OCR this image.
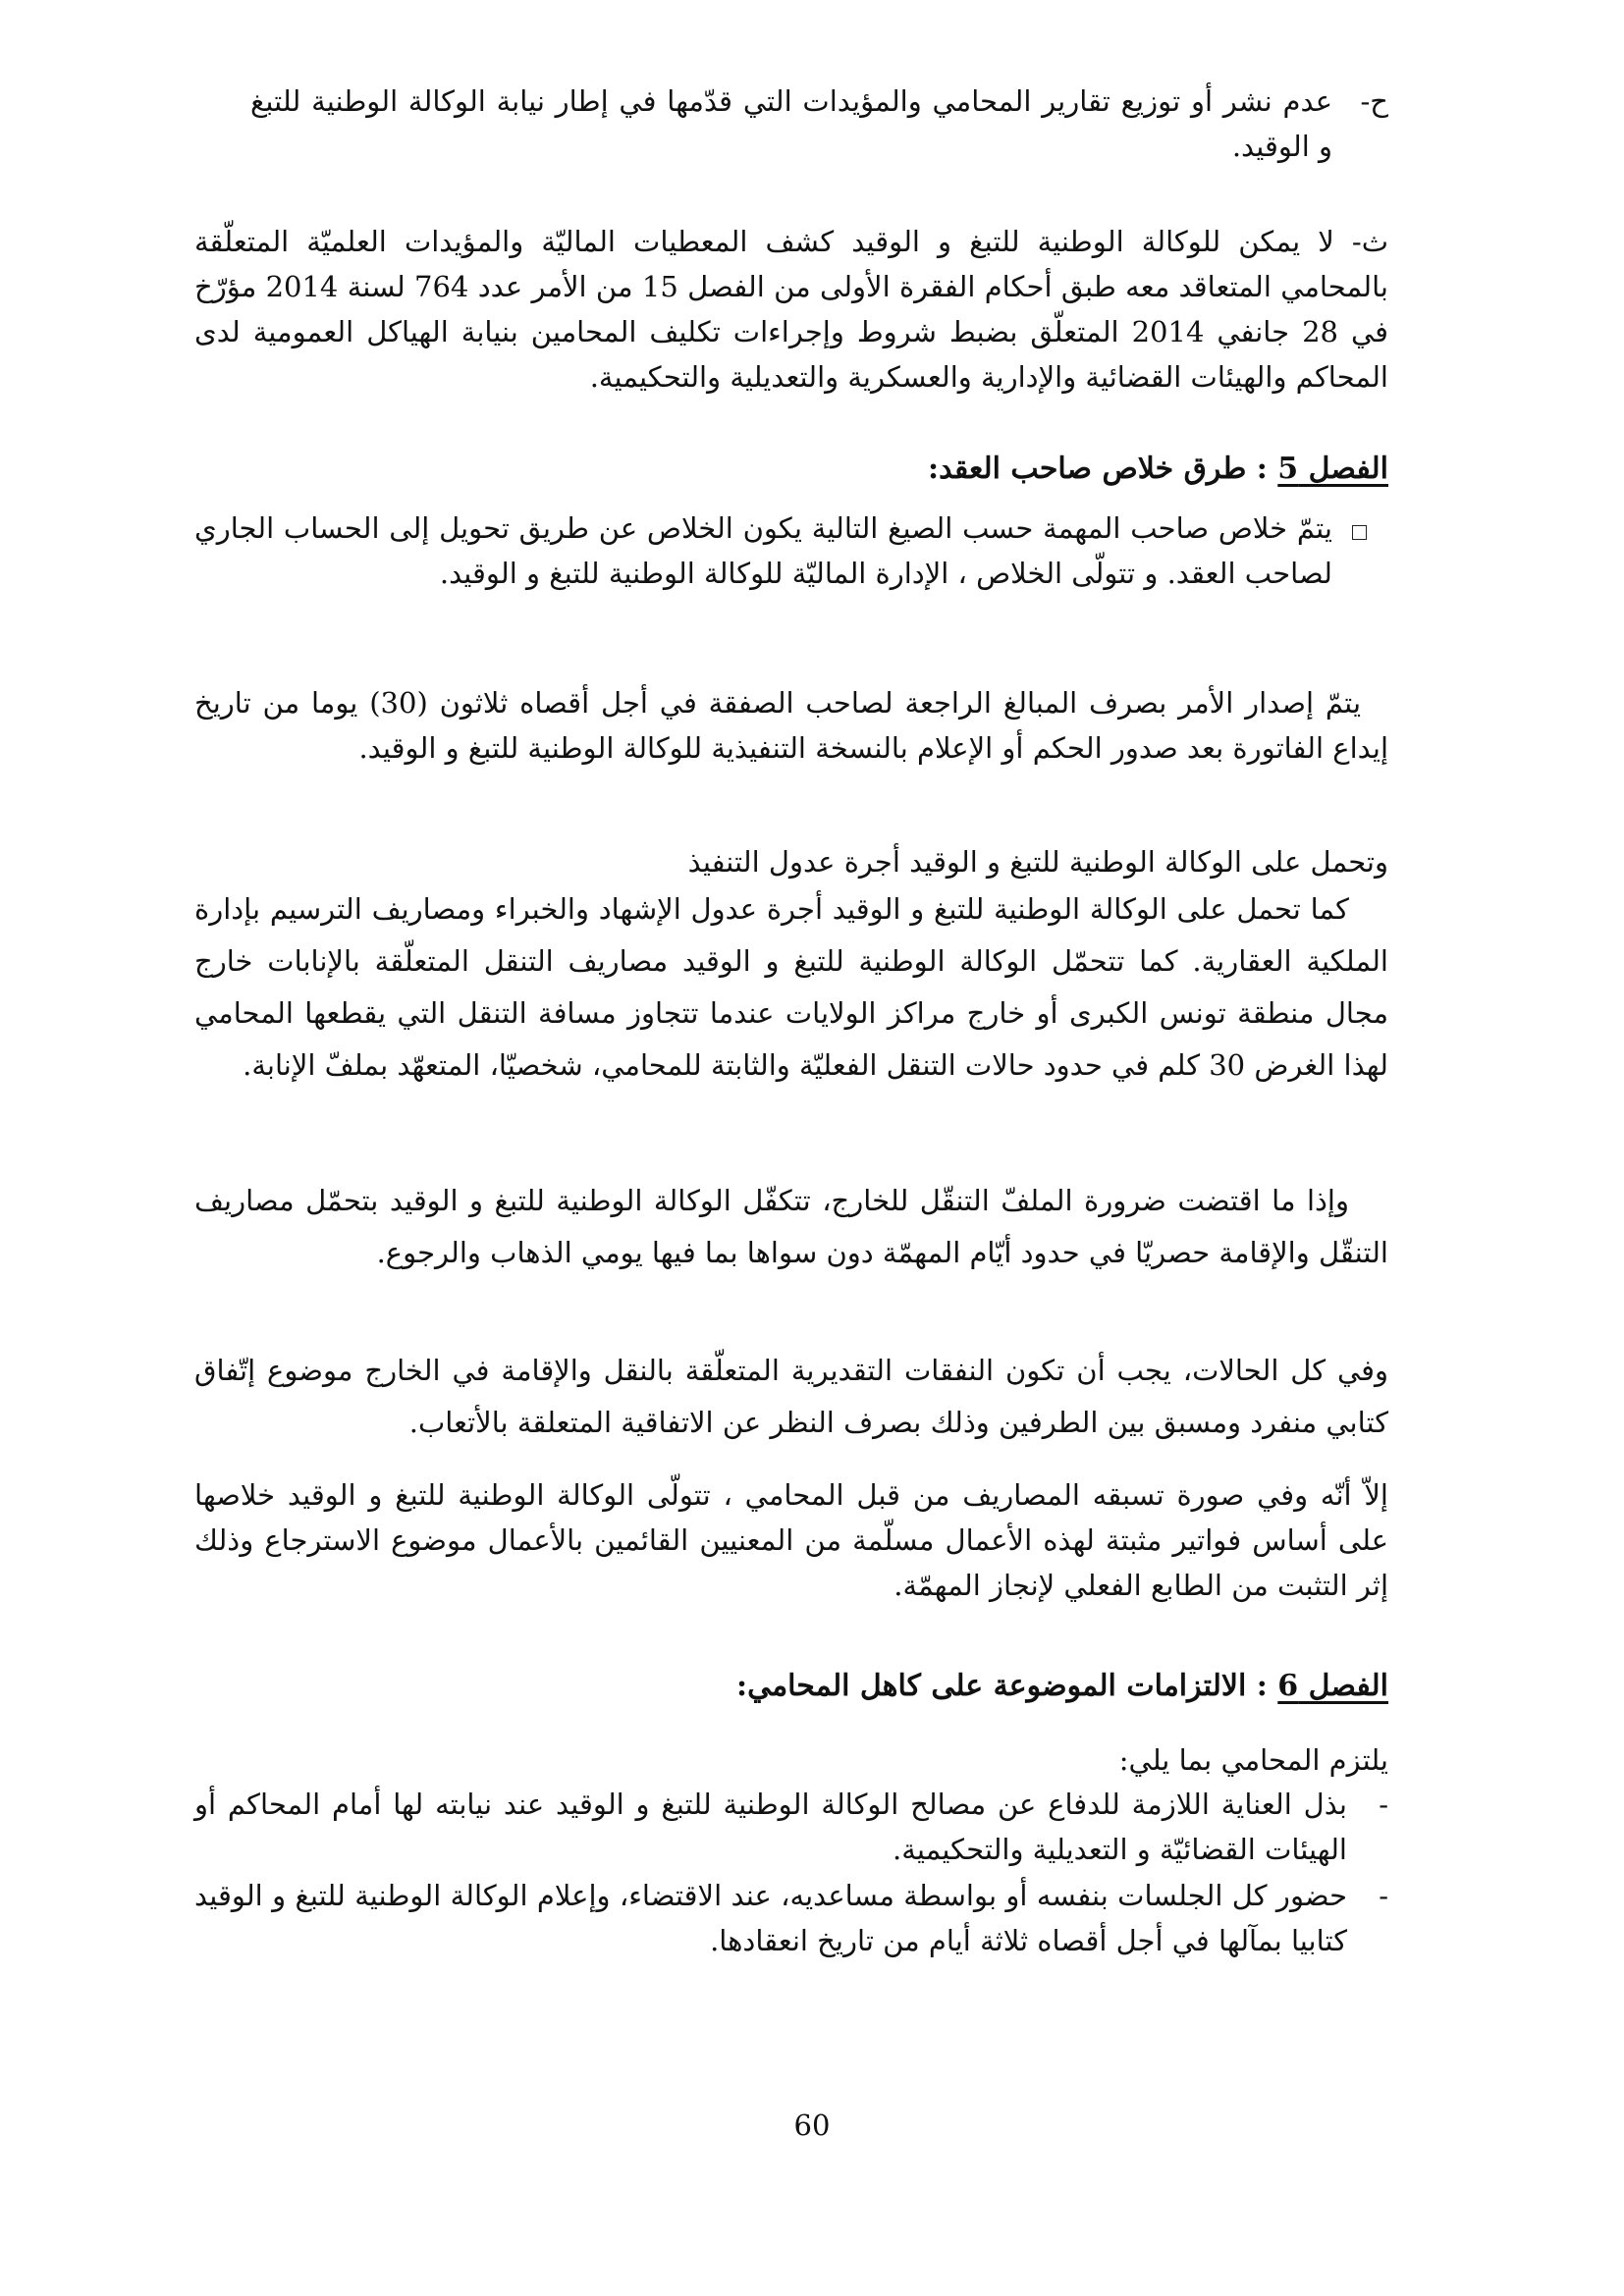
ح-

عدم نشر أو توزيع تقارير المحامي والمؤيدات التي قدّمها في إطار نيابة الوكالة الوطنية للتبغ و الوقيد.

ث- لا يمكن للوكالة الوطنية للتبغ و الوقيد كشف المعطيات الماليّة والمؤيدات العلميّة المتعلّقة بالمحامي المتعاقد معه طبق أحكام الفقرة الأولى من الفصل 15 من الأمر عدد 764 لسنة 2014 مؤرّخ في 28 جانفي 2014 المتعلّق بضبط شروط وإجراءات تكليف المحامين بنيابة الهياكل العمومية لدى المحاكم والهيئات القضائية والإدارية والعسكرية والتعديلية والتحكيمية.

الفصل 5 : طرق خلاص صاحب العقد:

يتمّ خلاص صاحب المهمة حسب الصيغ التالية يكون الخلاص عن طريق تحويل إلى الحساب الجاري لصاحب العقد. و تتولّى الخلاص ، الإدارة الماليّة للوكالة الوطنية للتبغ و الوقيد.

يتمّ إصدار الأمر بصرف المبالغ الراجعة لصاحب الصفقة في أجل أقصاه ثلاثون (30) يوما من تاريخ إيداع الفاتورة بعد صدور الحكم أو الإعلام بالنسخة التنفيذية للوكالة الوطنية للتبغ و الوقيد.

وتحمل على الوكالة الوطنية للتبغ و الوقيد أجرة عدول التنفيذ

كما تحمل على الوكالة الوطنية للتبغ و الوقيد أجرة عدول الإشهاد والخبراء ومصاريف الترسيم بإدارة الملكية العقارية. كما تتحمّل الوكالة الوطنية للتبغ و الوقيد مصاريف التنقل المتعلّقة بالإنابات خارج مجال منطقة تونس الكبرى أو خارج مراكز الولايات عندما تتجاوز مسافة التنقل التي يقطعها المحامي لهذا الغرض 30 كلم في حدود حالات التنقل الفعليّة والثابتة للمحامي، شخصيّا، المتعهّد بملفّ الإنابة.

وإذا ما اقتضت ضرورة الملفّ التنقّل للخارج، تتكفّل الوكالة الوطنية للتبغ و الوقيد بتحمّل مصاريف التنقّل والإقامة حصريّا في حدود أيّام المهمّة دون سواها بما فيها يومي الذهاب والرجوع.

وفي كل الحالات، يجب أن تكون النفقات التقديرية المتعلّقة بالنقل والإقامة في الخارج موضوع إتّفاق كتابي منفرد ومسبق بين الطرفين وذلك بصرف النظر عن الاتفاقية المتعلقة بالأتعاب.

إلاّ أنّه وفي صورة تسبقه المصاريف من قبل المحامي ، تتولّى الوكالة الوطنية للتبغ و الوقيد خلاصها على أساس فواتير مثبتة لهذه الأعمال مسلّمة من المعنيين القائمين بالأعمال موضوع الاسترجاع وذلك إثر التثبت من الطابع الفعلي لإنجاز المهمّة.

الفصل 6 : الالتزامات الموضوعة على كاهل المحامي:

يلتزم المحامي بما يلي:

-

بذل العناية اللازمة للدفاع عن مصالح الوكالة الوطنية للتبغ و الوقيد عند نيابته لها أمام المحاكم أو الهيئات القضائيّة و التعديلية والتحكيمية.

-

حضور كل الجلسات بنفسه أو بواسطة مساعديه، عند الاقتضاء، وإعلام الوكالة الوطنية للتبغ و الوقيد كتابيا بمآلها في أجل أقصاه ثلاثة أيام من تاريخ انعقادها.

60
